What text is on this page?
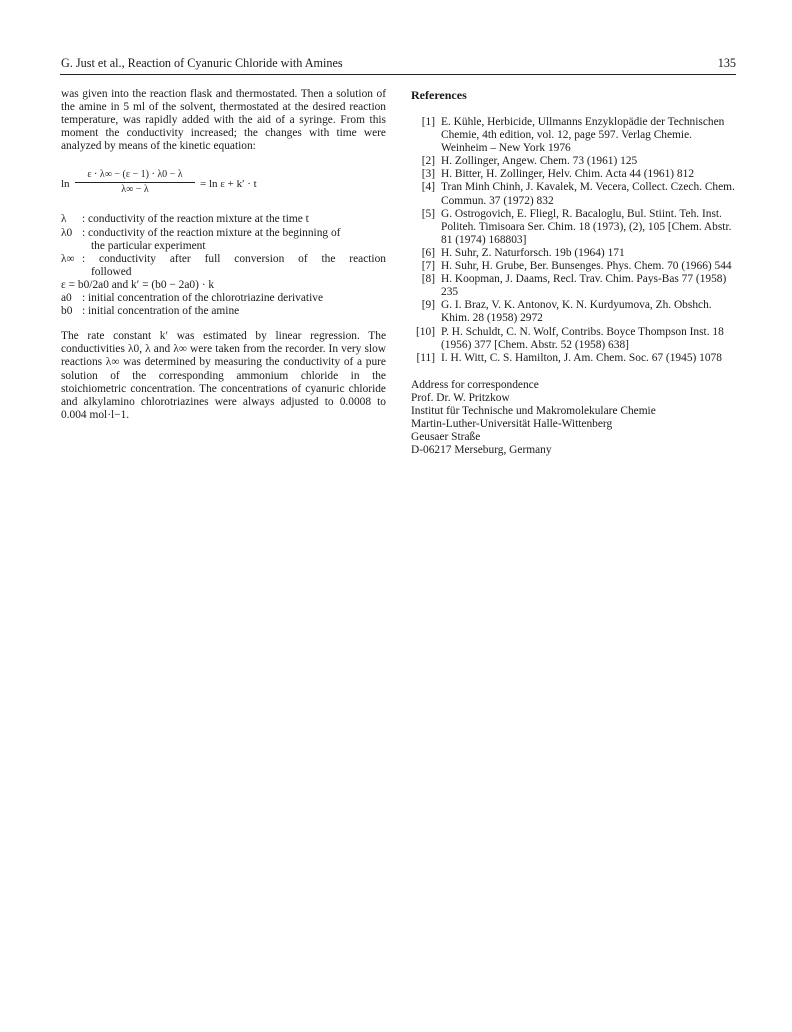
G. Just et al., Reaction of Cyanuric Chloride with Amines	135

was given into the reaction flask and thermostated. Then a solution of the amine in 5 ml of the solvent, thermostated at the desired reaction temperature, was rapidly added with the aid of a syringe. From this moment the conductivity increased; the changes with time were analyzed by means of the kinetic equation:

ln
ε · λ∞ − (ε − 1) · λ0 − λ
λ∞ − λ	= ln ε + k′ · t
λ	: conductivity of the reaction mixture at the time t
λ0 : conductivity of the reaction mixture at the beginning of
the particular experiment
λ∞ : conductivity after full conversion of the reaction
followed
ε = b0/2a0 and k′ = (b0 − 2a0) · k
a0 : initial concentration of the chlorotriazine derivative
b0 : initial concentration of the amine

The rate constant k′ was estimated by linear regression. The conductivities λ0, λ and λ∞ were taken from the recorder. In very slow reactions λ∞ was determined by measuring the conductivity of a pure solution of the corresponding ammonium chloride in the stoichiometric concentration. The concentrations of cyanuric chloride and alkylamino chlorotriazines were always adjusted to 0.0008 to 0.004 mol·l−1.

References
[1] E. Kühle, Herbicide, Ullmanns Enzyklopädie der Technischen Chemie, 4th edition, vol. 12, page 597. Verlag Chemie. Weinheim – New York 1976
[2] H. Zollinger, Angew. Chem. 73 (1961) 125
[3] H. Bitter, H. Zollinger, Helv. Chim. Acta 44 (1961) 812
[4] Tran Minh Chinh, J. Kavalek, M. Vecera, Collect. Czech. Chem. Commun. 37 (1972) 832
[5] G. Ostrogovich, E. Fliegl, R. Bacaloglu, Bul. Stiint. Teh. Inst. Politeh. Timisoara Ser. Chim. 18 (1973), (2), 105 [Chem. Abstr. 81 (1974) 168803]
[6] H. Suhr, Z. Naturforsch. 19b (1964) 171
[7] H. Suhr, H. Grube, Ber. Bunsenges. Phys. Chem. 70 (1966) 544
[8] H. Koopman, J. Daams, Recl. Trav. Chim. Pays-Bas 77 (1958) 235
[9] G. I. Braz, V. K. Antonov, K. N. Kurdyumova, Zh. Obshch. Khim. 28 (1958) 2972
[10] P. H. Schuldt, C. N. Wolf, Contribs. Boyce Thompson Inst. 18 (1956) 377 [Chem. Abstr. 52 (1958) 638]
[11] I. H. Witt, C. S. Hamilton, J. Am. Chem. Soc. 67 (1945) 1078
Address for correspondence
Prof. Dr. W. Pritzkow
Institut für Technische und Makromolekulare Chemie
Martin-Luther-Universität Halle-Wittenberg
Geusaer Straße
D-06217 Merseburg, Germany
